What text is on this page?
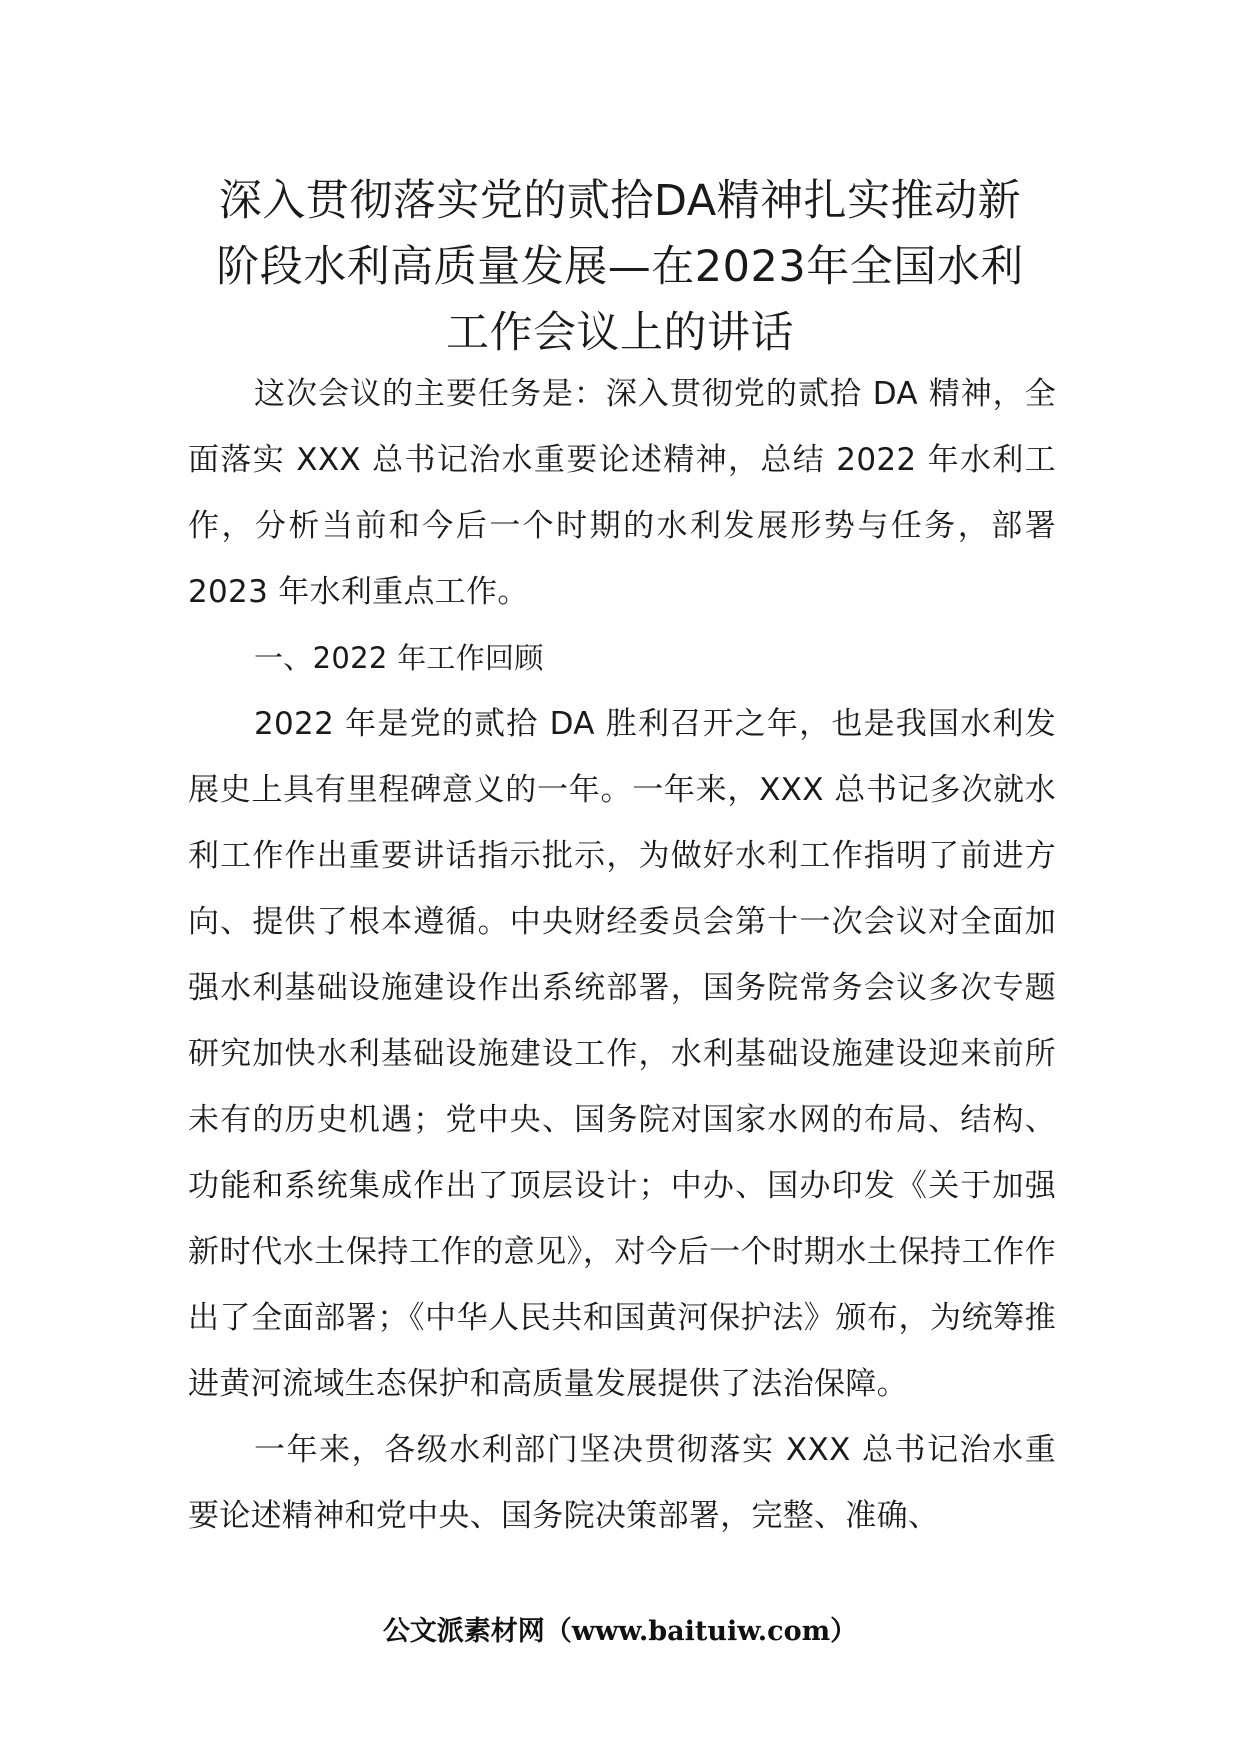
深入贯彻落实党的贰拾DA精神扎实推动新
阶段水利高质量发展—在2023年全国水利
工作会议上的讲话

这次会议的主要任务是：深入贯彻党的贰拾 DA 精神，全面落实 XXX 总书记治水重要论述精神，总结 2022 年水利工作，分析当前和今后一个时期的水利发展形势与任务，部署 2023 年水利重点工作。

一、2022 年工作回顾

2022 年是党的贰拾 DA 胜利召开之年，也是我国水利发展史上具有里程碑意义的一年。一年来，XXX 总书记多次就水利工作作出重要讲话指示批示，为做好水利工作指明了前进方向、提供了根本遵循。中央财经委员会第十一次会议对全面加强水利基础设施建设作出系统部署，国务院常务会议多次专题研究加快水利基础设施建设工作，水利基础设施建设迎来前所未有的历史机遇；党中央、国务院对国家水网的布局、结构、功能和系统集成作出了顶层设计；中办、国办印发《关于加强新时代水土保持工作的意见》，对今后一个时期水土保持工作作出了全面部署；《中华人民共和国黄河保护法》颁布，为统筹推进黄河流域生态保护和高质量发展提供了法治保障。

一年来，各级水利部门坚决贯彻落实 XXX 总书记治水重要论述精神和党中央、国务院决策部署，完整、准确、

公文派素材网（www.baituiw.com）
